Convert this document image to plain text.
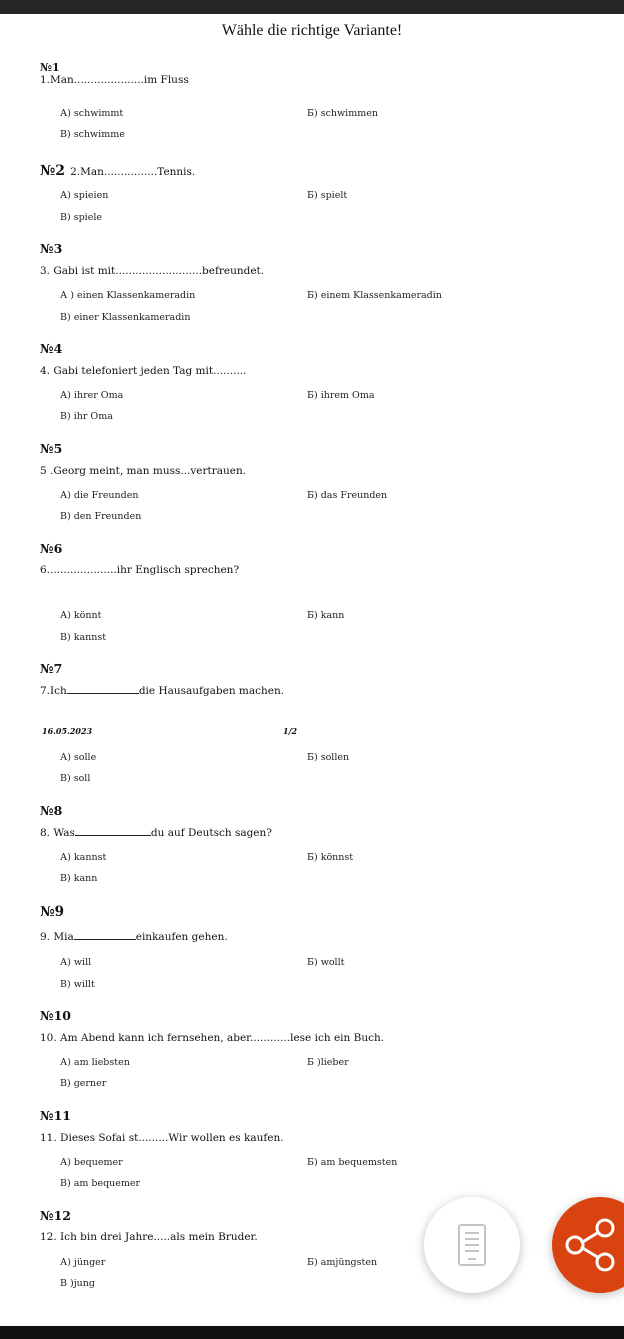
Wähle die richtige Variante!
№1
1.Man.....................im Fluss
А) schwimmt	Б) schwimmen
В) schwimme
№2 2.Man................Tennis.
А) spieien	Б) spielt
В) spiele
№3
3. Gabi ist mit..........................befreundet.
А ) einen Klassenkameradin	Б) einem Klassenkameradin
В) einer Klassenkameradin
№4
4. Gabi telefoniert jeden Tag mit..........
А) ihrer Oma	Б) ihrem Oma
В) ihr Oma
№5
5 .Georg meint, man muss...vertrauen.
А) die Freunden	Б) das Freunden
В) den Freunden
№6
6.....................ihr Englisch sprechen?
А) könnt	Б) kann
В) kannst
№7
7.Ich	die Hausaufgaben machen.
16.05.2023	1/2
А) solle	Б) sollen
В) soll
№8
8. Was	du auf Deutsch sagen?
А) kannst	Б) könnst
В) kann
№9
9. Mia	einkaufen gehen.
А) will	Б) wollt
В) willt
№10
10. Am Abend kann ich fernsehen, aber............lese ich ein Buch.
А) am liebsten	Б )lieber
В) gerner
№11
11. Dieses Sofai st.........Wir wollen es kaufen.
А) bequemer	Б) am bequemsten
В) am bequemer
№12
12. Ich bin drei Jahre.....als mein Bruder.
А) jünger	Б) amjüngsten
В )jung
